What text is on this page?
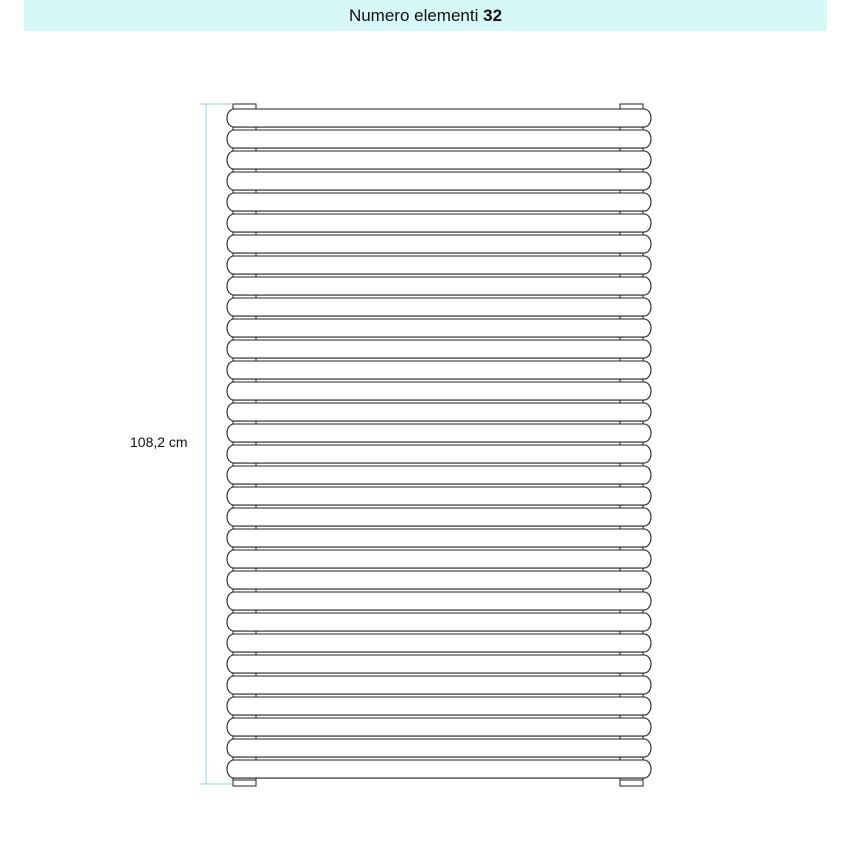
Numero elementi 32
108,2 cm
